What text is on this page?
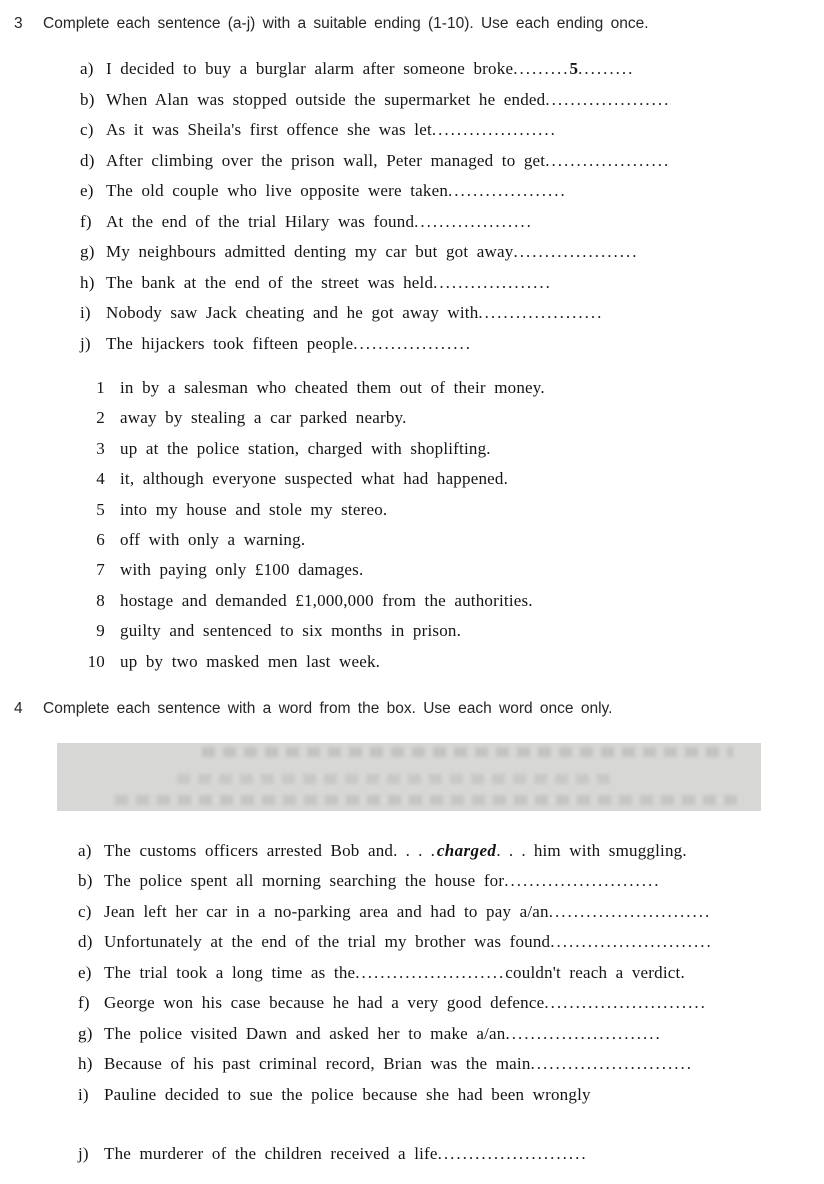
3	Complete each sentence (a-j) with a suitable ending (1-10). Use each ending once.
a) I decided to buy a burglar alarm after someone broke.........5.........
b) When Alan was stopped outside the supermarket he ended....................
c) As it was Sheila's first offence she was let....................
d) After climbing over the prison wall, Peter managed to get....................
e) The old couple who live opposite were taken...................
f) At the end of the trial Hilary was found...................
g) My neighbours admitted denting my car but got away....................
h) The bank at the end of the street was held...................
i) Nobody saw Jack cheating and he got away with....................
j) The hijackers took fifteen people...................
1 in by a salesman who cheated them out of their money.
2 away by stealing a car parked nearby.
3 up at the police station, charged with shoplifting.
4 it, although everyone suspected what had happened.
5 into my house and stole my stereo.
6 off with only a warning.
7 with paying only £100 damages.
8 hostage and demanded £1,000,000 from the authorities.
9 guilty and sentenced to six months in prison.
10 up by two masked men last week.
4	Complete each sentence with a word from the box. Use each word once only.
a) The customs officers arrested Bob and. . . .charged. . . him with smuggling.
b) The police spent all morning searching the house for.........................
c) Jean left her car in a no-parking area and had to pay a/an..........................
d) Unfortunately at the end of the trial my brother was found..........................
e) The trial took a long time as the........................couldn't reach a verdict.
f) George won his case because he had a very good defence..........................
g) The police visited Dawn and asked her to make a/an.........................
h) Because of his past criminal record, Brian was the main..........................
i) Pauline decided to sue the police because she had been wrongly
j) The murderer of the children received a life........................
